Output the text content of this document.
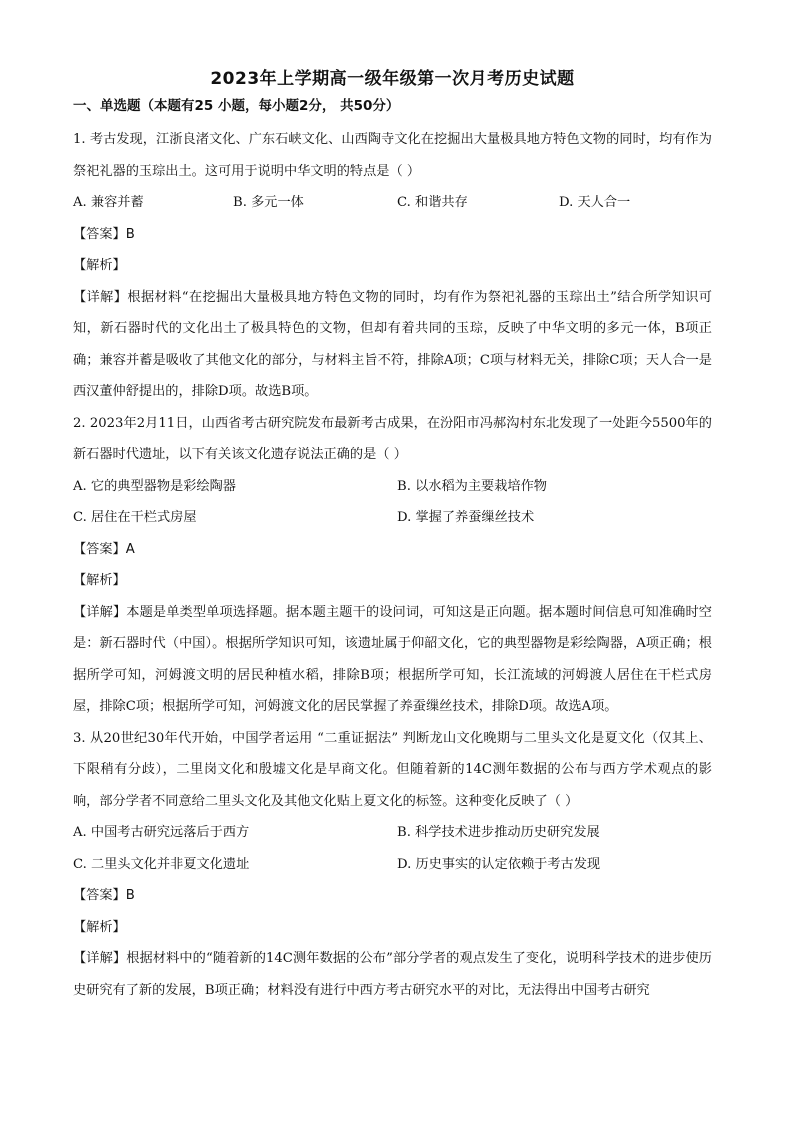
2023年上学期高一级年级第一次月考历史试题
一、单选题（本题有25 小题，每小题2分， 共50分）

1. 考古发现，江浙良渚文化、广东石峡文化、山西陶寺文化在挖掘出大量极具地方特色文物的同时，均有作为祭祀礼器的玉琮出土。这可用于说明中华文明的特点是（ ）

A. 兼容并蓄	B. 多元一体	C. 和谐共存	D. 天人合一

【答案】B

【解析】

【详解】根据材料“在挖掘出大量极具地方特色文物的同时，均有作为祭祀礼器的玉琮出土”结合所学知识可知，新石器时代的文化出土了极具特色的文物，但却有着共同的玉琮，反映了中华文明的多元一体，B项正确；兼容并蓄是吸收了其他文化的部分，与材料主旨不符，排除A项；C项与材料无关，排除C项；天人合一是西汉董仲舒提出的，排除D项。故选B项。

2. 2023年2月11日，山西省考古研究院发布最新考古成果，在汾阳市冯郝沟村东北发现了一处距今5500年的新石器时代遗址，以下有关该文化遗存说法正确的是（ ）

A. 它的典型器物是彩绘陶器	B. 以水稻为主要栽培作物
C. 居住在干栏式房屋	D. 掌握了养蚕缫丝技术

【答案】A

【解析】

【详解】本题是单类型单项选择题。据本题主题干的设问词，可知这是正向题。据本题时间信息可知准确时空是：新石器时代（中国）。根据所学知识可知，该遗址属于仰韶文化，它的典型器物是彩绘陶器，A项正确；根据所学可知，河姆渡文明的居民种植水稻，排除B项；根据所学可知，长江流域的河姆渡人居住在干栏式房屋，排除C项；根据所学可知，河姆渡文化的居民掌握了养蚕缫丝技术，排除D项。故选A项。

3. 从20世纪30年代开始，中国学者运用 “二重证据法” 判断龙山文化晚期与二里头文化是夏文化（仅其上、下限稍有分歧），二里岗文化和殷墟文化是早商文化。但随着新的14C测年数据的公布与西方学术观点的影响，部分学者不同意给二里头文化及其他文化贴上夏文化的标签。这种变化反映了（ ）

A. 中国考古研究远落后于西方	B. 科学技术进步推动历史研究发展
C. 二里头文化并非夏文化遗址	D. 历史事实的认定依赖于考古发现

【答案】B

【解析】

【详解】根据材料中的“随着新的14C测年数据的公布”部分学者的观点发生了变化，说明科学技术的进步使历史研究有了新的发展，B项正确；材料没有进行中西方考古研究水平的对比，无法得出中国考古研究
